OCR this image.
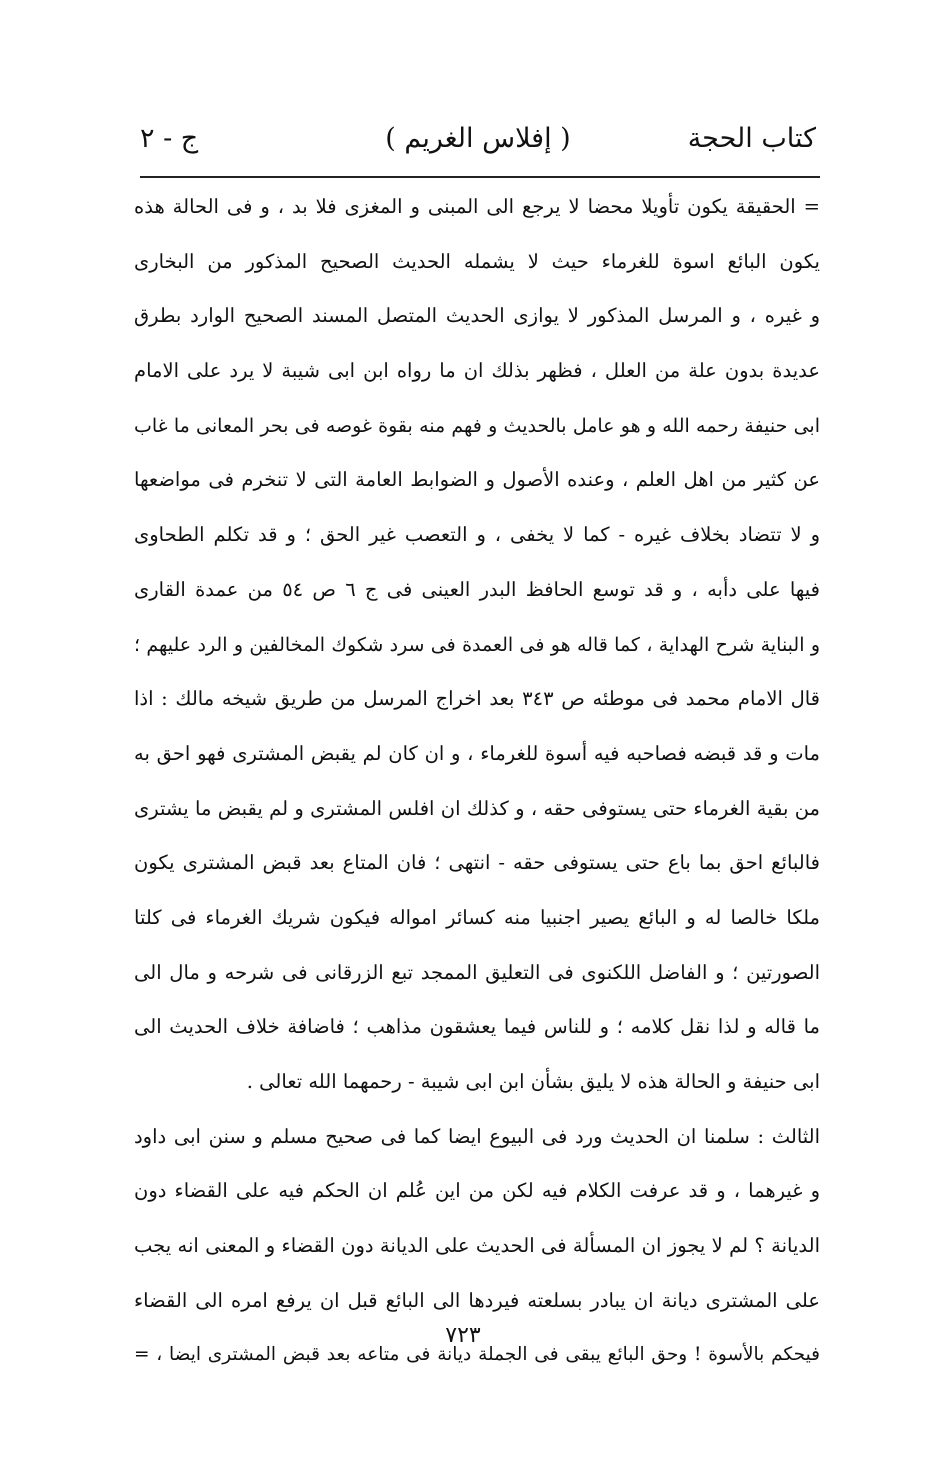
كتاب الحجة
( إفلاس الغريم )
ج - ٢
= الحقيقة يكون تأويلا محضا لا يرجع الى المبنى و المغزى فلا بد ، و فى الحالة هذه
يكون البائع اسوة للغرماء حيث لا يشمله الحديث الصحيح المذكور من البخارى
و غيره ، و المرسل المذكور لا يوازى الحديث المتصل المسند الصحيح الوارد بطرق
عديدة بدون علة من العلل ، فظهر بذلك ان ما رواه ابن ابى شيبة لا يرد على الامام
ابى حنيفة رحمه الله و هو عامل بالحديث و فهم منه بقوة غوصه فى بحر المعانى ما غاب
عن كثير من اهل العلم ، وعنده الأصول و الضوابط العامة التى لا تنخرم فى مواضعها
و لا تتضاد بخلاف غيره - كما لا يخفى ، و التعصب غير الحق ؛ و قد تكلم الطحاوى
فيها على دأبه ، و قد توسع الحافظ البدر العينى فى ج ٦ ص ٥٤ من عمدة القارى
و البناية شرح الهداية ، كما قاله هو فى العمدة فى سرد شكوك المخالفين و الرد عليهم ؛
قال الامام محمد فى موطئه ص ٣٤٣ بعد اخراج المرسل من طريق شيخه مالك : اذا
مات و قد قبضه فصاحبه فيه أسوة للغرماء ، و ان كان لم يقبض المشترى فهو احق به
من بقية الغرماء حتى يستوفى حقه ، و كذلك ان افلس المشترى و لم يقبض ما يشترى
فالبائع احق بما باع حتى يستوفى حقه - انتهى ؛ فان المتاع بعد قبض المشترى يكون
ملكا خالصا له و البائع يصير اجنبيا منه كسائر امواله فيكون شريك الغرماء فى كلتا
الصورتين ؛ و الفاضل اللكنوى فى التعليق الممجد تبع الزرقانى فى شرحه و مال الى
ما قاله و لذا نقل كلامه ؛ و للناس فيما يعشقون مذاهب ؛ فاضافة خلاف الحديث الى
ابى حنيفة و الحالة هذه لا يليق بشأن ابن ابى شيبة - رحمهما الله تعالى .
الثالث : سلمنا ان الحديث ورد فى البيوع ايضا كما فى صحيح مسلم و سنن ابى داود
و غيرهما ، و قد عرفت الكلام فيه لكن من اين عُلم ان الحكم فيه على القضاء دون
الديانة ؟ لم لا يجوز ان المسألة فى الحديث على الديانة دون القضاء و المعنى انه يجب
على المشترى ديانة ان يبادر بسلعته فيردها الى البائع قبل ان يرفع امره الى القضاء
فيحكم بالأسوة ! وحق البائع يبقى فى الجملة ديانة فى متاعه بعد قبض المشترى ايضا ، =
٧٢٣
